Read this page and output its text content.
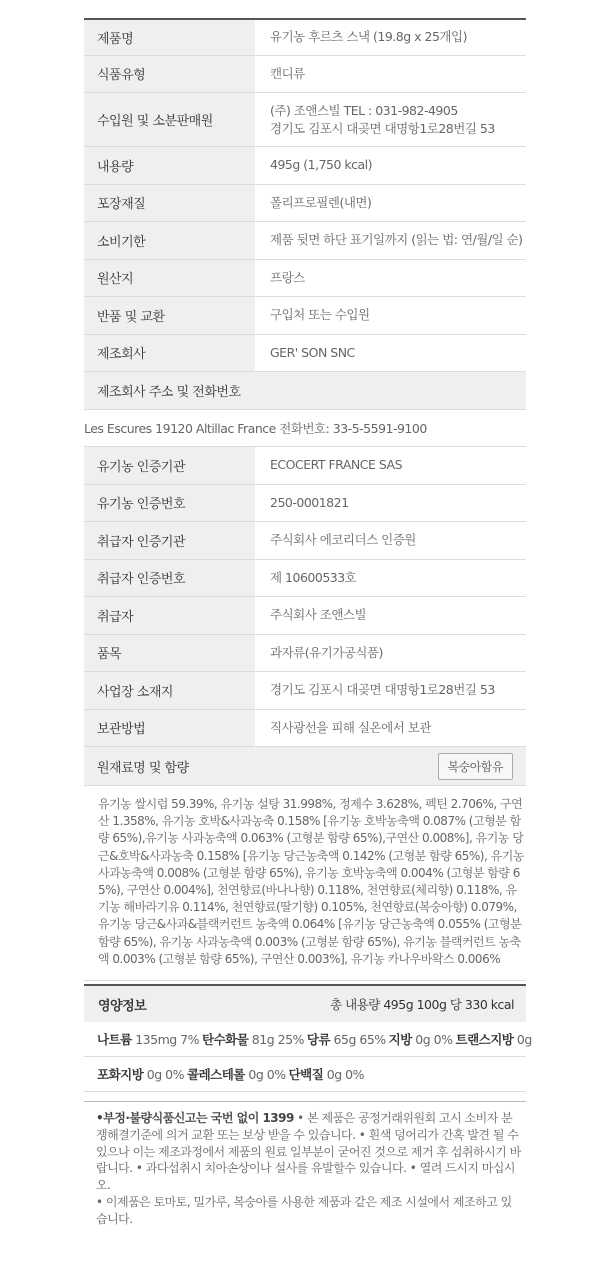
제품명	유기농 후르츠 스낵 (19.8g x 25개입)
식품유형	캔디류
수입원 및 소분판매원
(주) 조앤스빌 TEL : 031-982-4905
경기도 김포시 대곶면 대명항1로28번길 53
내용량	495g (1,750 kcal)
포장재질	폴리프로필렌(내면)
소비기한	제품 뒷면 하단 표기일까지 (읽는 법: 연/월/일 순)
원산지	프랑스
반품 및 교환	구입처 또는 수입원
제조회사	GER' SON SNC
제조회사 주소 및 전화번호
Les Escures 19120 Altillac France 전화번호: 33-5-5591-9100
유기농 인증기관	ECOCERT FRANCE SAS
유기농 인증번호	250-0001821
취급자 인증기관	주식회사 에코리더스 인증원
취급자 인증번호	제 10600533호
취급자	주식회사 조앤스빌
품목	과자류(유기가공식품)
사업장 소재지	경기도 김포시 대곶면 대명항1로28번길 53
보관방법	직사광선을 피해 실온에서 보관
원재료명 및 함량	복숭아함유
유기농 쌀시럽 59.39%, 유기농 설탕 31.998%, 정제수 3.628%, 펙틴 2.706%, 구연산 1.358%, 유기농 호박&사과농축 0.158% [유기농 호박농축액 0.087% (고형분 함량 65%),유기농 사과농축액 0.063% (고형분 함량 65%),구연산 0.008%], 유기농 당근&호박&사과농축 0.158% [유기농 당근농축액 0.142% (고형분 함량 65%), 유기농 사과농축액 0.008% (고형분 함량 65%), 유기농 호박농축액 0.004% (고형분 함량 65%), 구연산 0.004%], 천연향료(바나나향) 0.118%, 천연향료(체리향) 0.118%, 유기농 해바라기유 0.114%, 천연향료(딸기향) 0.105%, 천연향료(복숭아향) 0.079%, 유기농 당근&사과&블랙커런트 농축액 0.064% [유기농 당근농축액 0.055% (고형분 함량 65%), 유기농 사과농축액 0.003% (고형분 함량 65%), 유기농 블랙커런트 농축액 0.003% (고형분 함량 65%), 구연산 0.003%], 유기농 카나우바왁스 0.006%
영양정보	총 내용량 495g 100g 당 330 kcal
나트륨 135mg 7% 탄수화물 81g 25% 당류 65g 65% 지방 0g 0% 트랜스지방 0g
포화지방 0g 0% 콜레스테롤 0g 0% 단백질 0g 0%

•부정·불량식품신고는 국번 없이 1399 • 본 제품은 공정거래위원회 고시 소비자 분쟁해결기준에 의거 교환 또는 보상 받을 수 있습니다. • 흰색 덩어리가 간혹 발견 될 수 있으나 이는 제조과정에서 제품의 원료 일부분이 굳어진 것으로 제거 후 섭취하시기 바랍니다. • 과다섭취시 치아손상이나 설사를 유발할수 있습니다. • 열려 드시지 마십시오.

• 이제품은 토마토, 밀가루, 복숭아를 사용한 제품과 같은 제조 시설에서 제조하고 있습니다.
